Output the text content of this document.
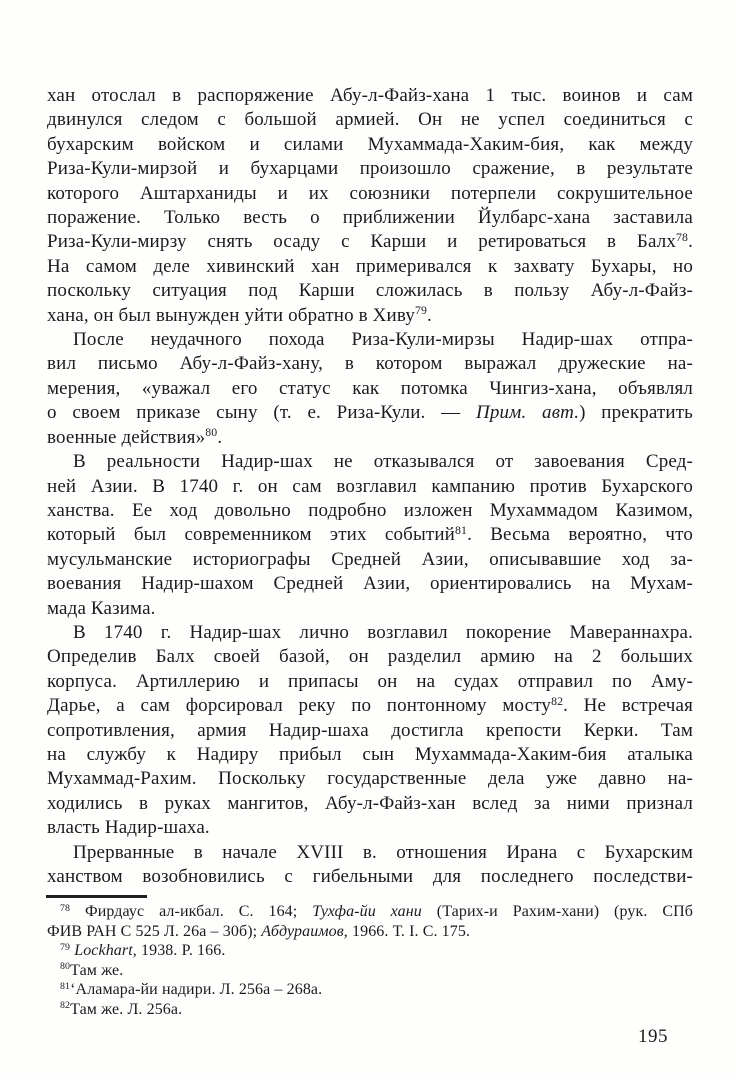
хан отослал в распоряжение Абу-л-Файз-хана 1 тыс. воинов и сам
двинулся следом с большой армией. Он не успел соединиться с
бухарским войском и силами Мухаммада-Хаким-бия, как между
Риза-Кули-мирзой и бухарцами произошло сражение, в результате
которого Аштарханиды и их союзники потерпели сокрушительное
поражение. Только весть о приближении Йулбарс-хана заставила
Риза-Кули-мирзу снять осаду с Карши и ретироваться в Балх$^{78}$.
На самом деле хивинский хан примеривался к захвату Бухары, но
поскольку ситуация под Карши сложилась в пользу Абу-л-Файз-
хана, он был вынужден уйти обратно в Хиву$^{79}$.
После неудачного похода Риза-Кули-мирзы Надир-шах отпра-
вил письмо Абу-л-Файз-хану, в котором выражал дружеские на-
мерения, «уважал его статус как потомка Чингиз-хана, объявлял
о своем приказе сыну (т. е. Риза-Кули. — Прим. авт.) прекратить
военные действия»$^{80}$.
В реальности Надир-шах не отказывался от завоевания Сред-
ней Азии. В 1740 г. он сам возглавил кампанию против Бухарского
ханства. Ее ход довольно подробно изложен Мухаммадом Казимом,
который был современником этих событий$^{81}$. Весьма вероятно, что
мусульманские историографы Средней Азии, описывавшие ход за-
воевания Надир-шахом Средней Азии, ориентировались на Мухам-
мада Казима.
В 1740 г. Надир-шах лично возглавил покорение Мавераннахра.
Определив Балх своей базой, он разделил армию на 2 больших
корпуса. Артиллерию и припасы он на судах отправил по Аму-
Дарье, а сам форсировал реку по понтонному мосту$^{82}$. Не встречая
сопротивления, армия Надир-шаха достигла крепости Керки. Там
на службу к Надиру прибыл сын Мухаммада-Хаким-бия аталыка
Мухаммад-Рахим. Поскольку государственные дела уже давно на-
ходились в руках мангитов, Абу-л-Файз-хан вслед за ними признал
власть Надир-шаха.
Прерванные в начале XVIII в. отношения Ирана с Бухарским
ханством возобновились с гибельными для последнего последстви-
$^{78}$ Фирдаус ал-икбал. С. 164; Тухфа-йи хани (Тарих-и Рахим-хани) (рук. СПб
ФИВ РАН С 525 Л. 26а – 30б); Абдураимов, 1966. Т. I. С. 175.
$^{79}$ Lockhart, 1938. P. 166.
$^{80}$Там же.
$^{81}$‘Аламара-йи надири. Л. 256а – 268а.
$^{82}$Там же. Л. 256а.
195
